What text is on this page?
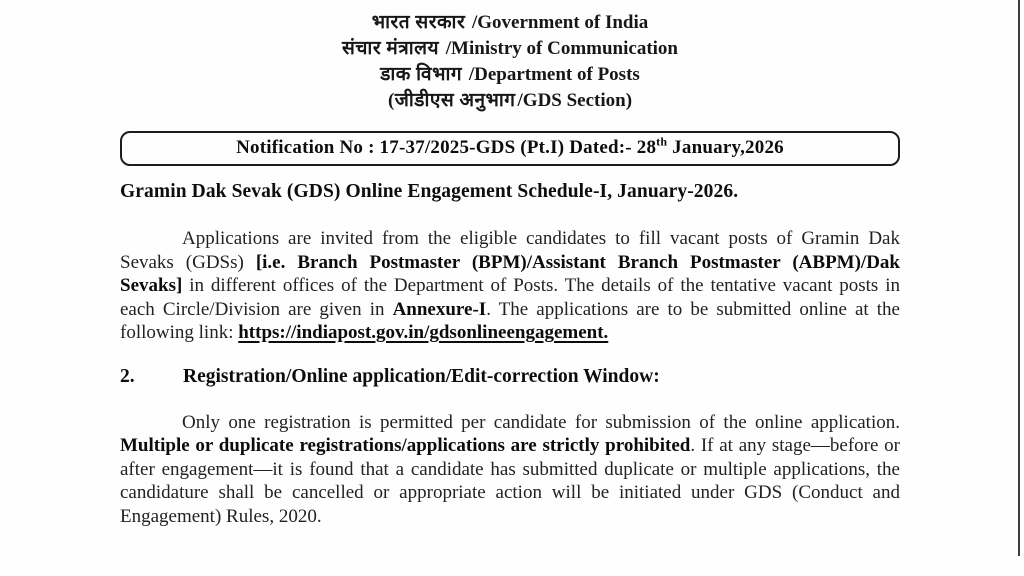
भारत सरकार /Government of India
संचार मंत्रालय /Ministry of Communication
डाक विभाग /Department of Posts
(जीडीएस अनुभाग /GDS Section)
Notification No : 17-37/2025-GDS (Pt.I) Dated:- 28th January,2026
Gramin Dak Sevak (GDS) Online Engagement Schedule-I, January-2026.

Applications are invited from the eligible candidates to fill vacant posts of Gramin Dak Sevaks (GDSs) [i.e. Branch Postmaster (BPM)/Assistant Branch Postmaster (ABPM)/Dak Sevaks] in different offices of the Department of Posts. The details of the tentative vacant posts in each Circle/Division are given in Annexure-I. The applications are to be submitted online at the following link: https://indiapost.gov.in/gdsonlineengagement.

2.	Registration/Online application/Edit-correction Window:

Only one registration is permitted per candidate for submission of the online application. Multiple or duplicate registrations/applications are strictly prohibited. If at any stage—before or after engagement—it is found that a candidate has submitted duplicate or multiple applications, the candidature shall be cancelled or appropriate action will be initiated under GDS (Conduct and Engagement) Rules, 2020.
